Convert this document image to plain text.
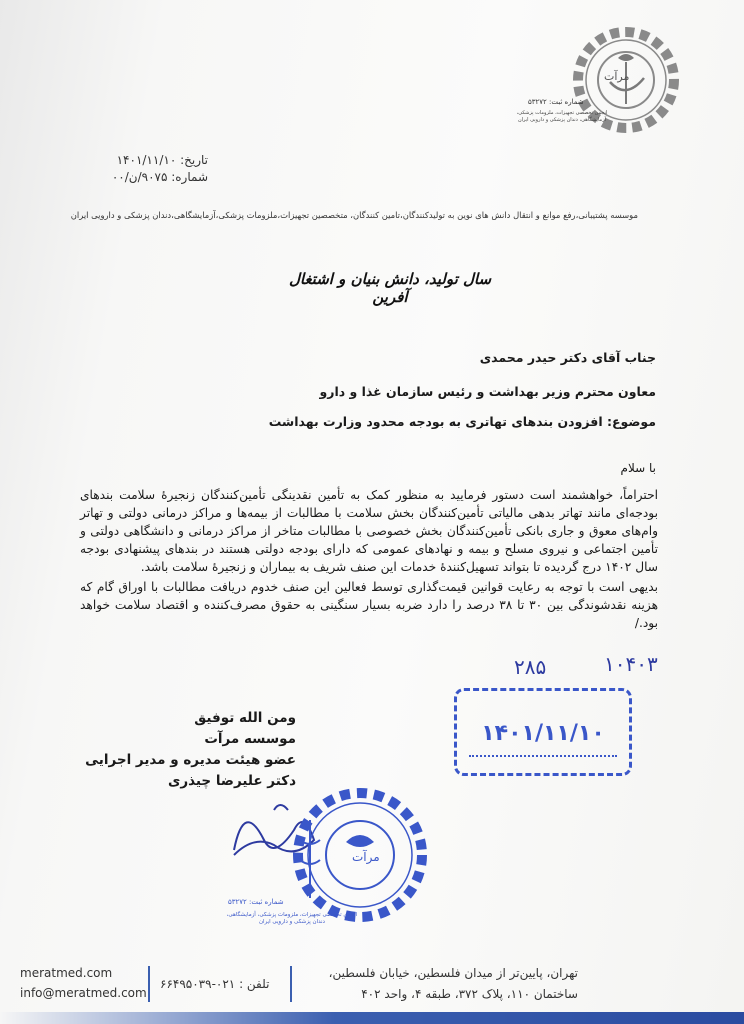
مرآت
شماره ثبت: ۵۳۲۷۲
انجمن تخصصی تجهیزات، ملزومات پزشکی، آزمایشگاهی، دندان پزشکی و دارویی ایران
تاریخ: ۱۴۰۱/۱۱/۱۰
شماره: ۹۰۷۵/ن/۰۰
موسسه پشتیبانی،رفع موانع و انتقال دانش های نوین به تولیدکنندگان،تامین کنندگان، متخصصین تجهیزات،ملزومات پزشکی،آزمایشگاهی،دندان پزشکی و دارویی ایران
سال تولید، دانش بنیان و اشتغال آفرین
جناب آقای دکتر حیدر محمدی
معاون محترم وزیر بهداشت و رئیس سازمان غذا و دارو
موضوع: افزودن بندهای تهاتری به بودجه محدود وزارت بهداشت
با سلام
احتراماً، خواهشمند است دستور فرمایید به منظور کمک به تأمین نقدینگی تأمین‌کنندگان زنجیرهٔ سلامت بندهای بودجه‌ای مانند تهاتر بدهی مالیاتی تأمین‌کنندگان بخش سلامت با مطالبات از بیمه‌ها و مراکز درمانی دولتی و تهاتر وام‌های معوق و جاری بانکی تأمین‌کنندگان بخش خصوصی با مطالبات متاخر از مراکز درمانی و دانشگاهی دولتی و تأمین اجتماعی و نیروی مسلح و بیمه و نهادهای عمومی که دارای بودجه دولتی هستند در بندهای پیشنهادی بودجه سال ۱۴۰۲ درج گردیده تا بتواند تسهیل‌کنندهٔ خدمات این صنف شریف به بیماران و زنجیرهٔ سلامت باشد.
بدیهی است با توجه به رعایت قوانین قیمت‌گذاری توسط فعالین این صنف خدوم دریافت مطالبات با اوراق گام که هزینه نقدشوندگی بین ۳۰ تا ۳۸ درصد را دارد ضربه بسیار سنگینی به حقوق مصرف‌کننده و اقتصاد سلامت خواهد بود./
۲۸۵	۱۰۴۰۳
‏‏‏ ‏ ‏ ‏ ‏ ‏ ‏ ‏ ‏ ‏ ‏ ‏
۱۴۰۱/۱۱/۱۰
ومن الله توفیق
موسسه مرآت
عضو هیئت مدیره و مدیر اجرایی
دکتر علیرضا چیذری
مرآت
شماره ثبت: ۵۳۲۷۲
انجمن تخصصی تجهیزات، ملزومات پزشکی، آزمایشگاهی، دندان پزشکی و دارویی ایران
meratmed.com
info@meratmed.com
تلفن : ۰۲۱-۶۶۴۹۵۰۳۹
تهران، پایین‌تر از میدان فلسطین، خیابان فلسطین،
ساختمان ۱۱۰، پلاک ۳۷۲، طبقه ۴، واحد ۴۰۲
